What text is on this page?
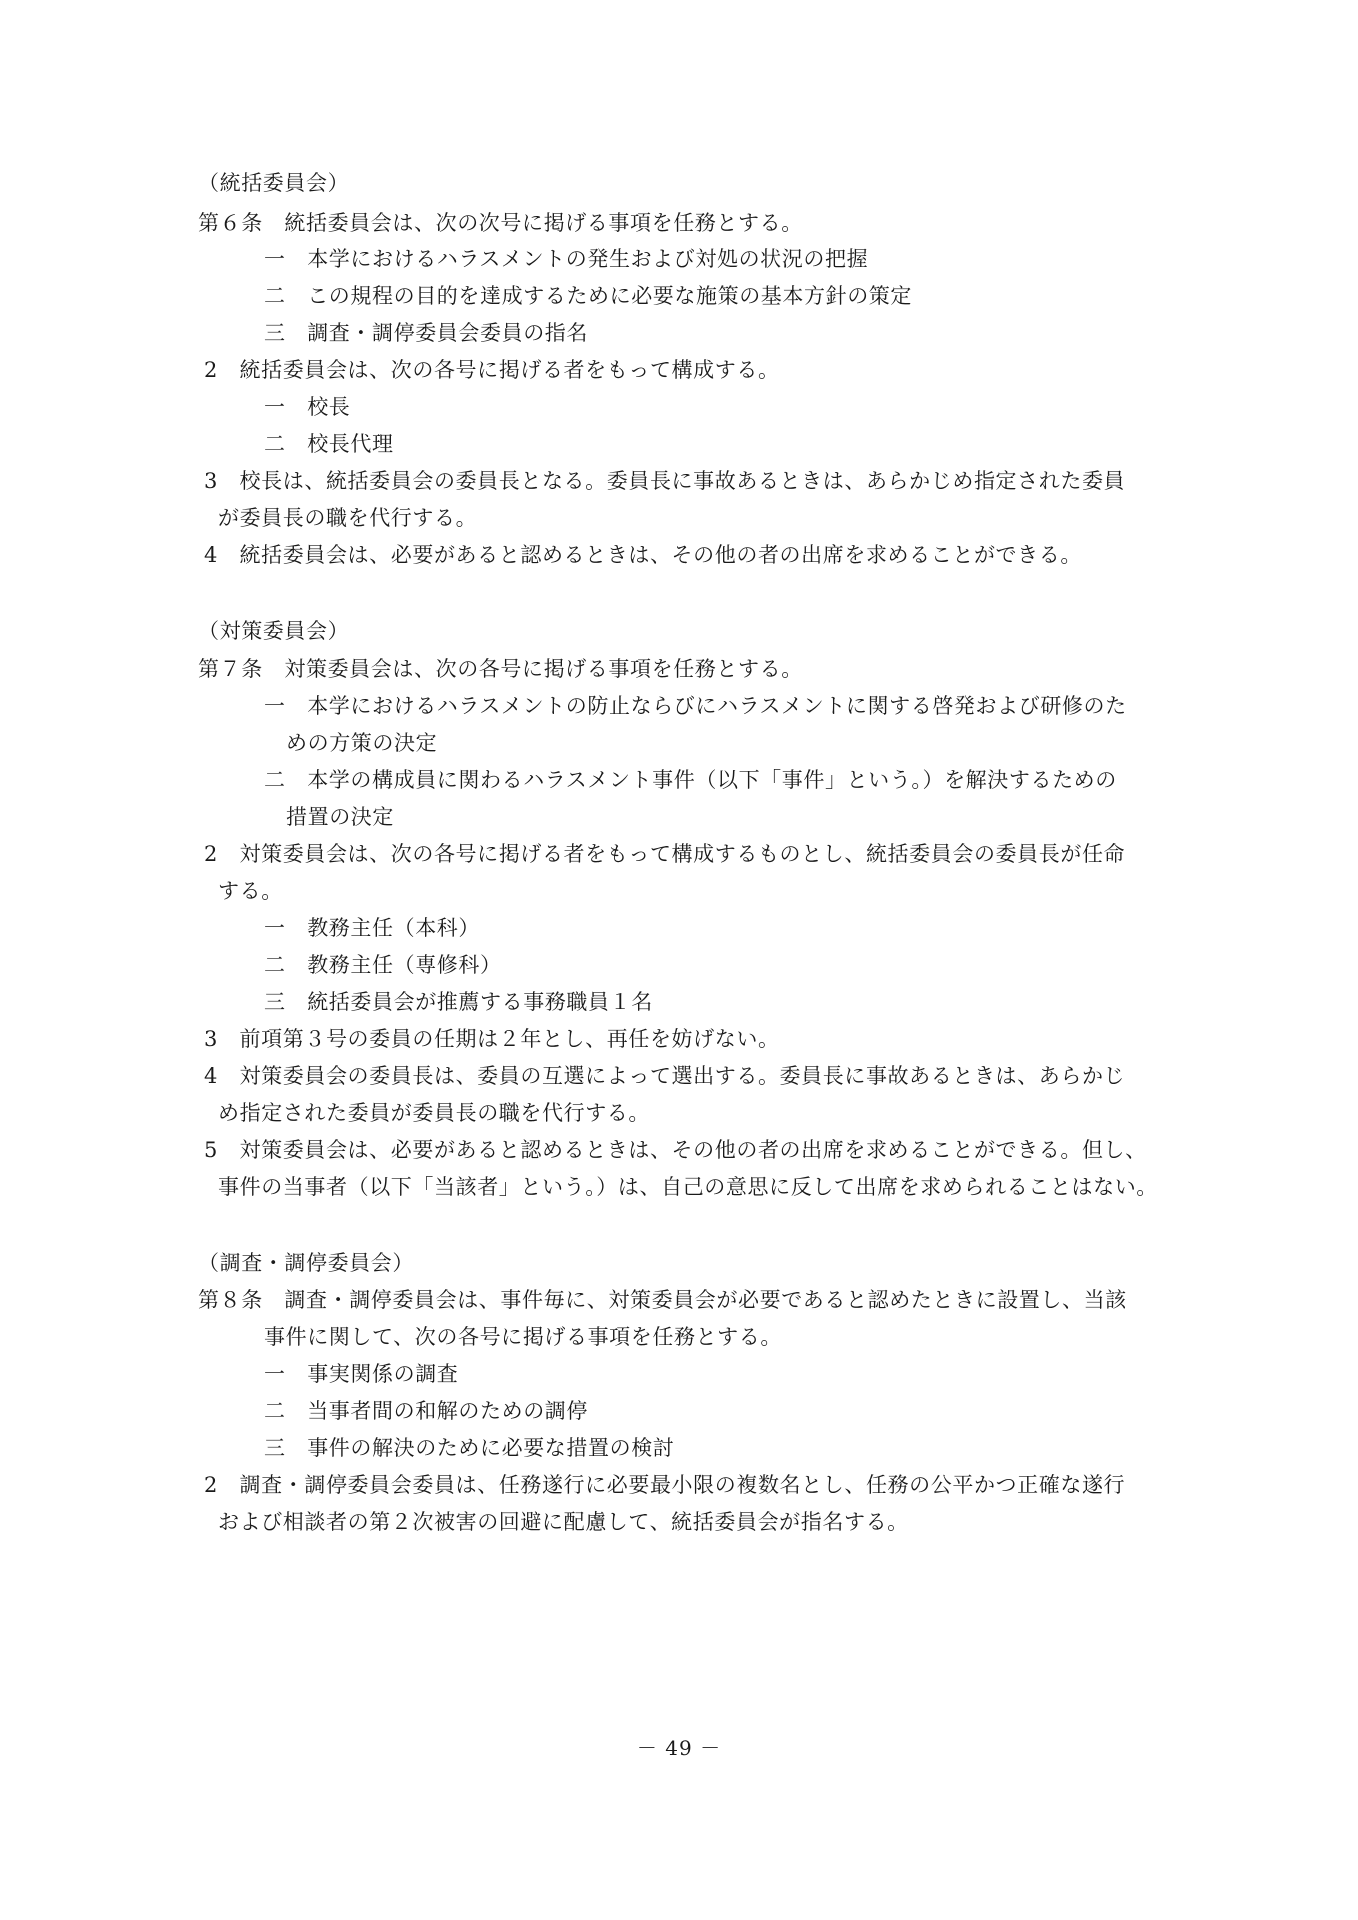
（統括委員会）
第６条　統括委員会は、次の次号に掲げる事項を任務とする。
一　本学におけるハラスメントの発生および対処の状況の把握
二　この規程の目的を達成するために必要な施策の基本方針の策定
三　調査・調停委員会委員の指名
2　統括委員会は、次の各号に掲げる者をもって構成する。
一　校長
二　校長代理
3　校長は、統括委員会の委員長となる。委員長に事故あるときは、あらかじめ指定された委員
が委員長の職を代行する。
4　統括委員会は、必要があると認めるときは、その他の者の出席を求めることができる。
（対策委員会）
第７条　対策委員会は、次の各号に掲げる事項を任務とする。
一　本学におけるハラスメントの防止ならびにハラスメントに関する啓発および研修のた
めの方策の決定
二　本学の構成員に関わるハラスメント事件（以下「事件」という。）を解決するための
措置の決定
2　対策委員会は、次の各号に掲げる者をもって構成するものとし、統括委員会の委員長が任命
する。
一　教務主任（本科）
二　教務主任（専修科）
三　統括委員会が推薦する事務職員１名
3　前項第３号の委員の任期は２年とし、再任を妨げない。
4　対策委員会の委員長は、委員の互選によって選出する。委員長に事故あるときは、あらかじ
め指定された委員が委員長の職を代行する。
5　対策委員会は、必要があると認めるときは、その他の者の出席を求めることができる。但し、
事件の当事者（以下「当該者」という。）は、自己の意思に反して出席を求められることはない。
（調査・調停委員会）
第８条　調査・調停委員会は、事件毎に、対策委員会が必要であると認めたときに設置し、当該
事件に関して、次の各号に掲げる事項を任務とする。
一　事実関係の調査
二　当事者間の和解のための調停
三　事件の解決のために必要な措置の検討
2　調査・調停委員会委員は、任務遂行に必要最小限の複数名とし、任務の公平かつ正確な遂行
および相談者の第２次被害の回避に配慮して、統括委員会が指名する。
－ 49 －
